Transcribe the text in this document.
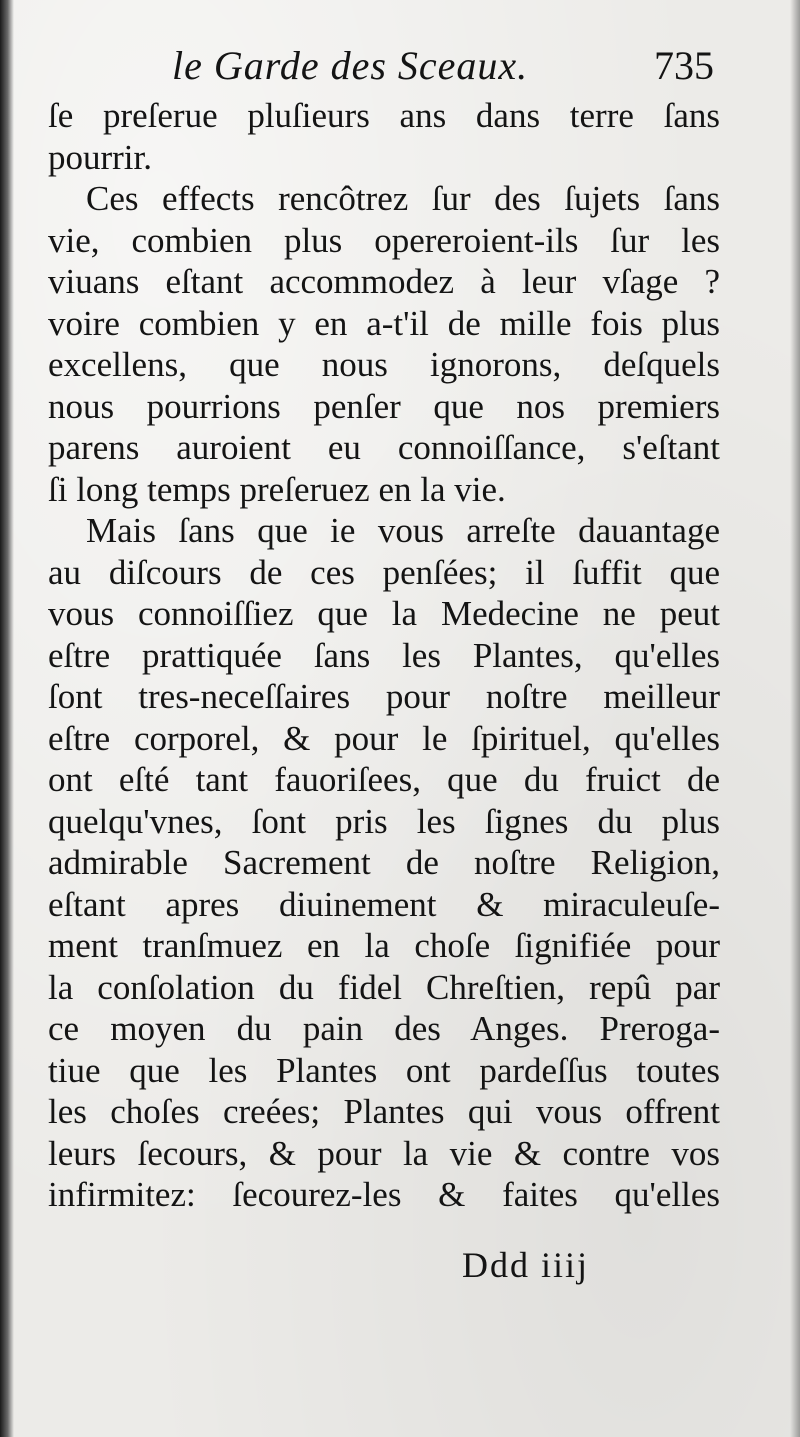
le Garde des Sceaux.	735
ſe preſerue pluſieurs ans dans terre ſans
pourrir.
Ces effects rencôtrez ſur des ſujets ſans
vie, combien plus opereroient-ils ſur les
viuans eſtant accommodez à leur vſage ?
voire combien y en a-t'il de mille fois plus
excellens, que nous ignorons, deſquels
nous pourrions penſer que nos premiers
parens auroient eu connoiſſance, s'eſtant
ſi long temps preſeruez en la vie.
Mais ſans que ie vous arreſte dauantage
au diſcours de ces penſées; il ſuffit que
vous connoiſſiez que la Medecine ne peut
eſtre prattiquée ſans les Plantes, qu'elles
ſont tres-neceſſaires pour noſtre meilleur
eſtre corporel, & pour le ſpirituel, qu'elles
ont eſté tant fauoriſees, que du fruict de
quelqu'vnes, ſont pris les ſignes du plus
admirable Sacrement de noſtre Religion,
eſtant apres diuinement & miraculeuſe-
ment tranſmuez en la choſe ſignifiée pour
la conſolation du fidel Chreſtien, repû par
ce moyen du pain des Anges. Preroga-
tiue que les Plantes ont pardeſſus toutes
les choſes creées; Plantes qui vous offrent
leurs ſecours, & pour la vie & contre vos
infirmitez: ſecourez-les & faites qu'elles
Ddd iiij
